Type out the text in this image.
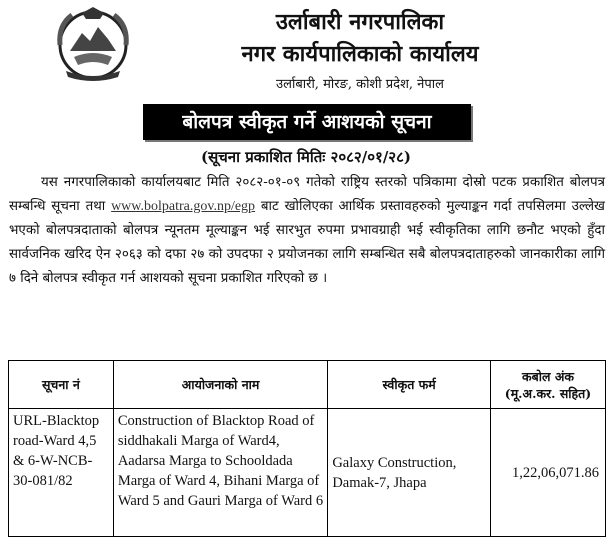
उर्लाबारी नगरपालिका
नगर कार्यपालिकाको कार्यालय
उर्लाबारी, मोरङ, कोशी प्रदेश, नेपाल
बोलपत्र स्वीकृत गर्ने आशयको सूचना
(सूचना प्रकाशित मितिः २०८२/०१/२८)
यस नगरपालिकाको कार्यालयबाट मिति २०८२-०१-०९ गतेको राष्ट्रिय स्तरको पत्रिकामा दोस्रो पटक प्रकाशित बोलपत्र सम्बन्धि सूचना तथा www.bolpatra.gov.np/egp बाट खोलिएका आर्थिक प्रस्तावहरुको मुल्याङ्कन गर्दा तपसिलमा उल्लेख भएको बोलपत्रदाताको बोलपत्र न्यूनतम मूल्याङ्कन भई सारभुत रुपमा प्रभावग्राही भई स्वीकृतिका लागि छनौट भएको हुँदा सार्वजनिक खरिद ऐन २०६३ को दफा २७ को उपदफा २ प्रयोजनका लागि सम्बन्धित सबै बोलपत्रदाताहरुको जानकारीका लागि ७ दिने बोलपत्र स्वीकृत गर्न आशयको सूचना प्रकाशित गरिएको छ ।
सूचना नं	आयोजनाको नाम	स्वीकृत फर्म	कबोल अंक
(मू.अ.कर. सहित)

URL-Blacktop road-Ward 4,5 & 6-W-NCB-30-081/82	Construction of Blacktop Road of siddhakali Marga of Ward4, Aadarsa Marga to Schooldada Marga of Ward 4, Bihani Marga of Ward 5 and Gauri Marga of Ward 6	Galaxy Construction, Damak-7, Jhapa	1,22,06,071.86
